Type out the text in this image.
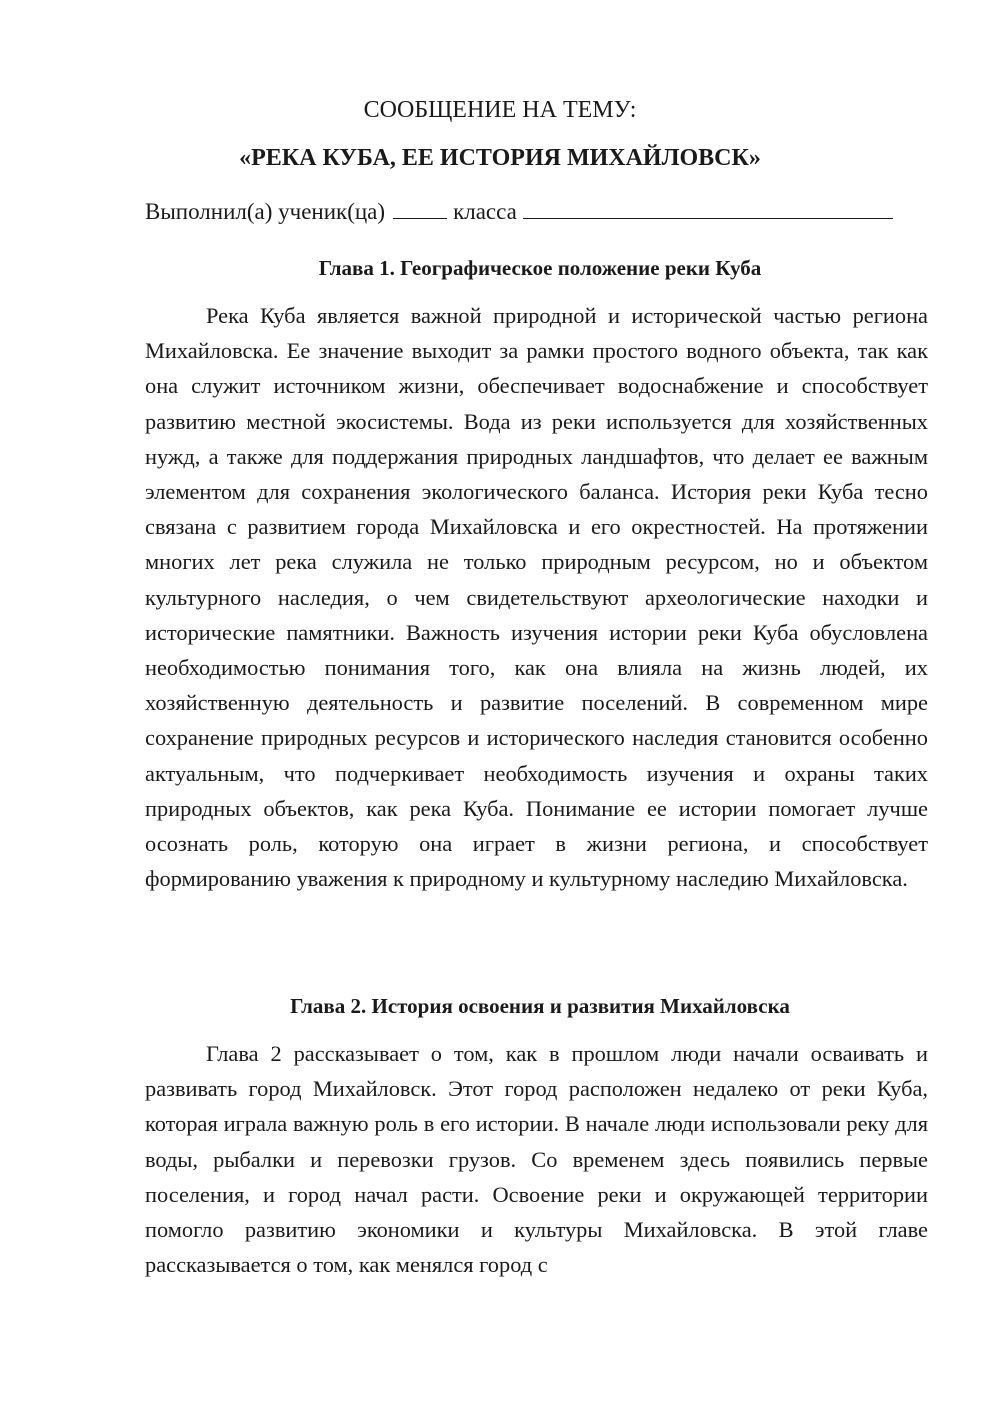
СООБЩЕНИЕ НА ТЕМУ:
«РЕКА КУБА, ЕЕ ИСТОРИЯ МИХАЙЛОВСК»
Выполнил(а) ученик(ца)	класса
Глава 1. Географическое положение реки Куба

Река Куба является важной природной и исторической частью региона Михайловска. Ее значение выходит за рамки простого водного объекта, так как она служит источником жизни, обеспечивает водоснабжение и способствует развитию местной экосистемы. Вода из реки используется для хозяйственных нужд, а также для поддержания природных ландшафтов, что делает ее важным элементом для сохранения экологического баланса. История реки Куба тесно связана с развитием города Михайловска и его окрестностей. На протяжении многих лет река служила не только природным ресурсом, но и объектом культурного наследия, о чем свидетельствуют археологические находки и исторические памятники. Важность изучения истории реки Куба обусловлена необходимостью понимания того, как она влияла на жизнь людей, их хозяйственную деятельность и развитие поселений. В современном мире сохранение природных ресурсов и исторического наследия становится особенно актуальным, что подчеркивает необходимость изучения и охраны таких природных объектов, как река Куба. Понимание ее истории помогает лучше осознать роль, которую она играет в жизни региона, и способствует формированию уважения к природному и культурному наследию Михайловска.

Глава 2. История освоения и развития Михайловска

Глава 2 рассказывает о том, как в прошлом люди начали осваивать и развивать город Михайловск. Этот город расположен недалеко от реки Куба, которая играла важную роль в его истории. В начале люди использовали реку для воды, рыбалки и перевозки грузов. Со временем здесь появились первые поселения, и город начал расти. Освоение реки и окружающей территории помогло развитию экономики и культуры Михайловска. В этой главе рассказывается о том, как менялся город с
